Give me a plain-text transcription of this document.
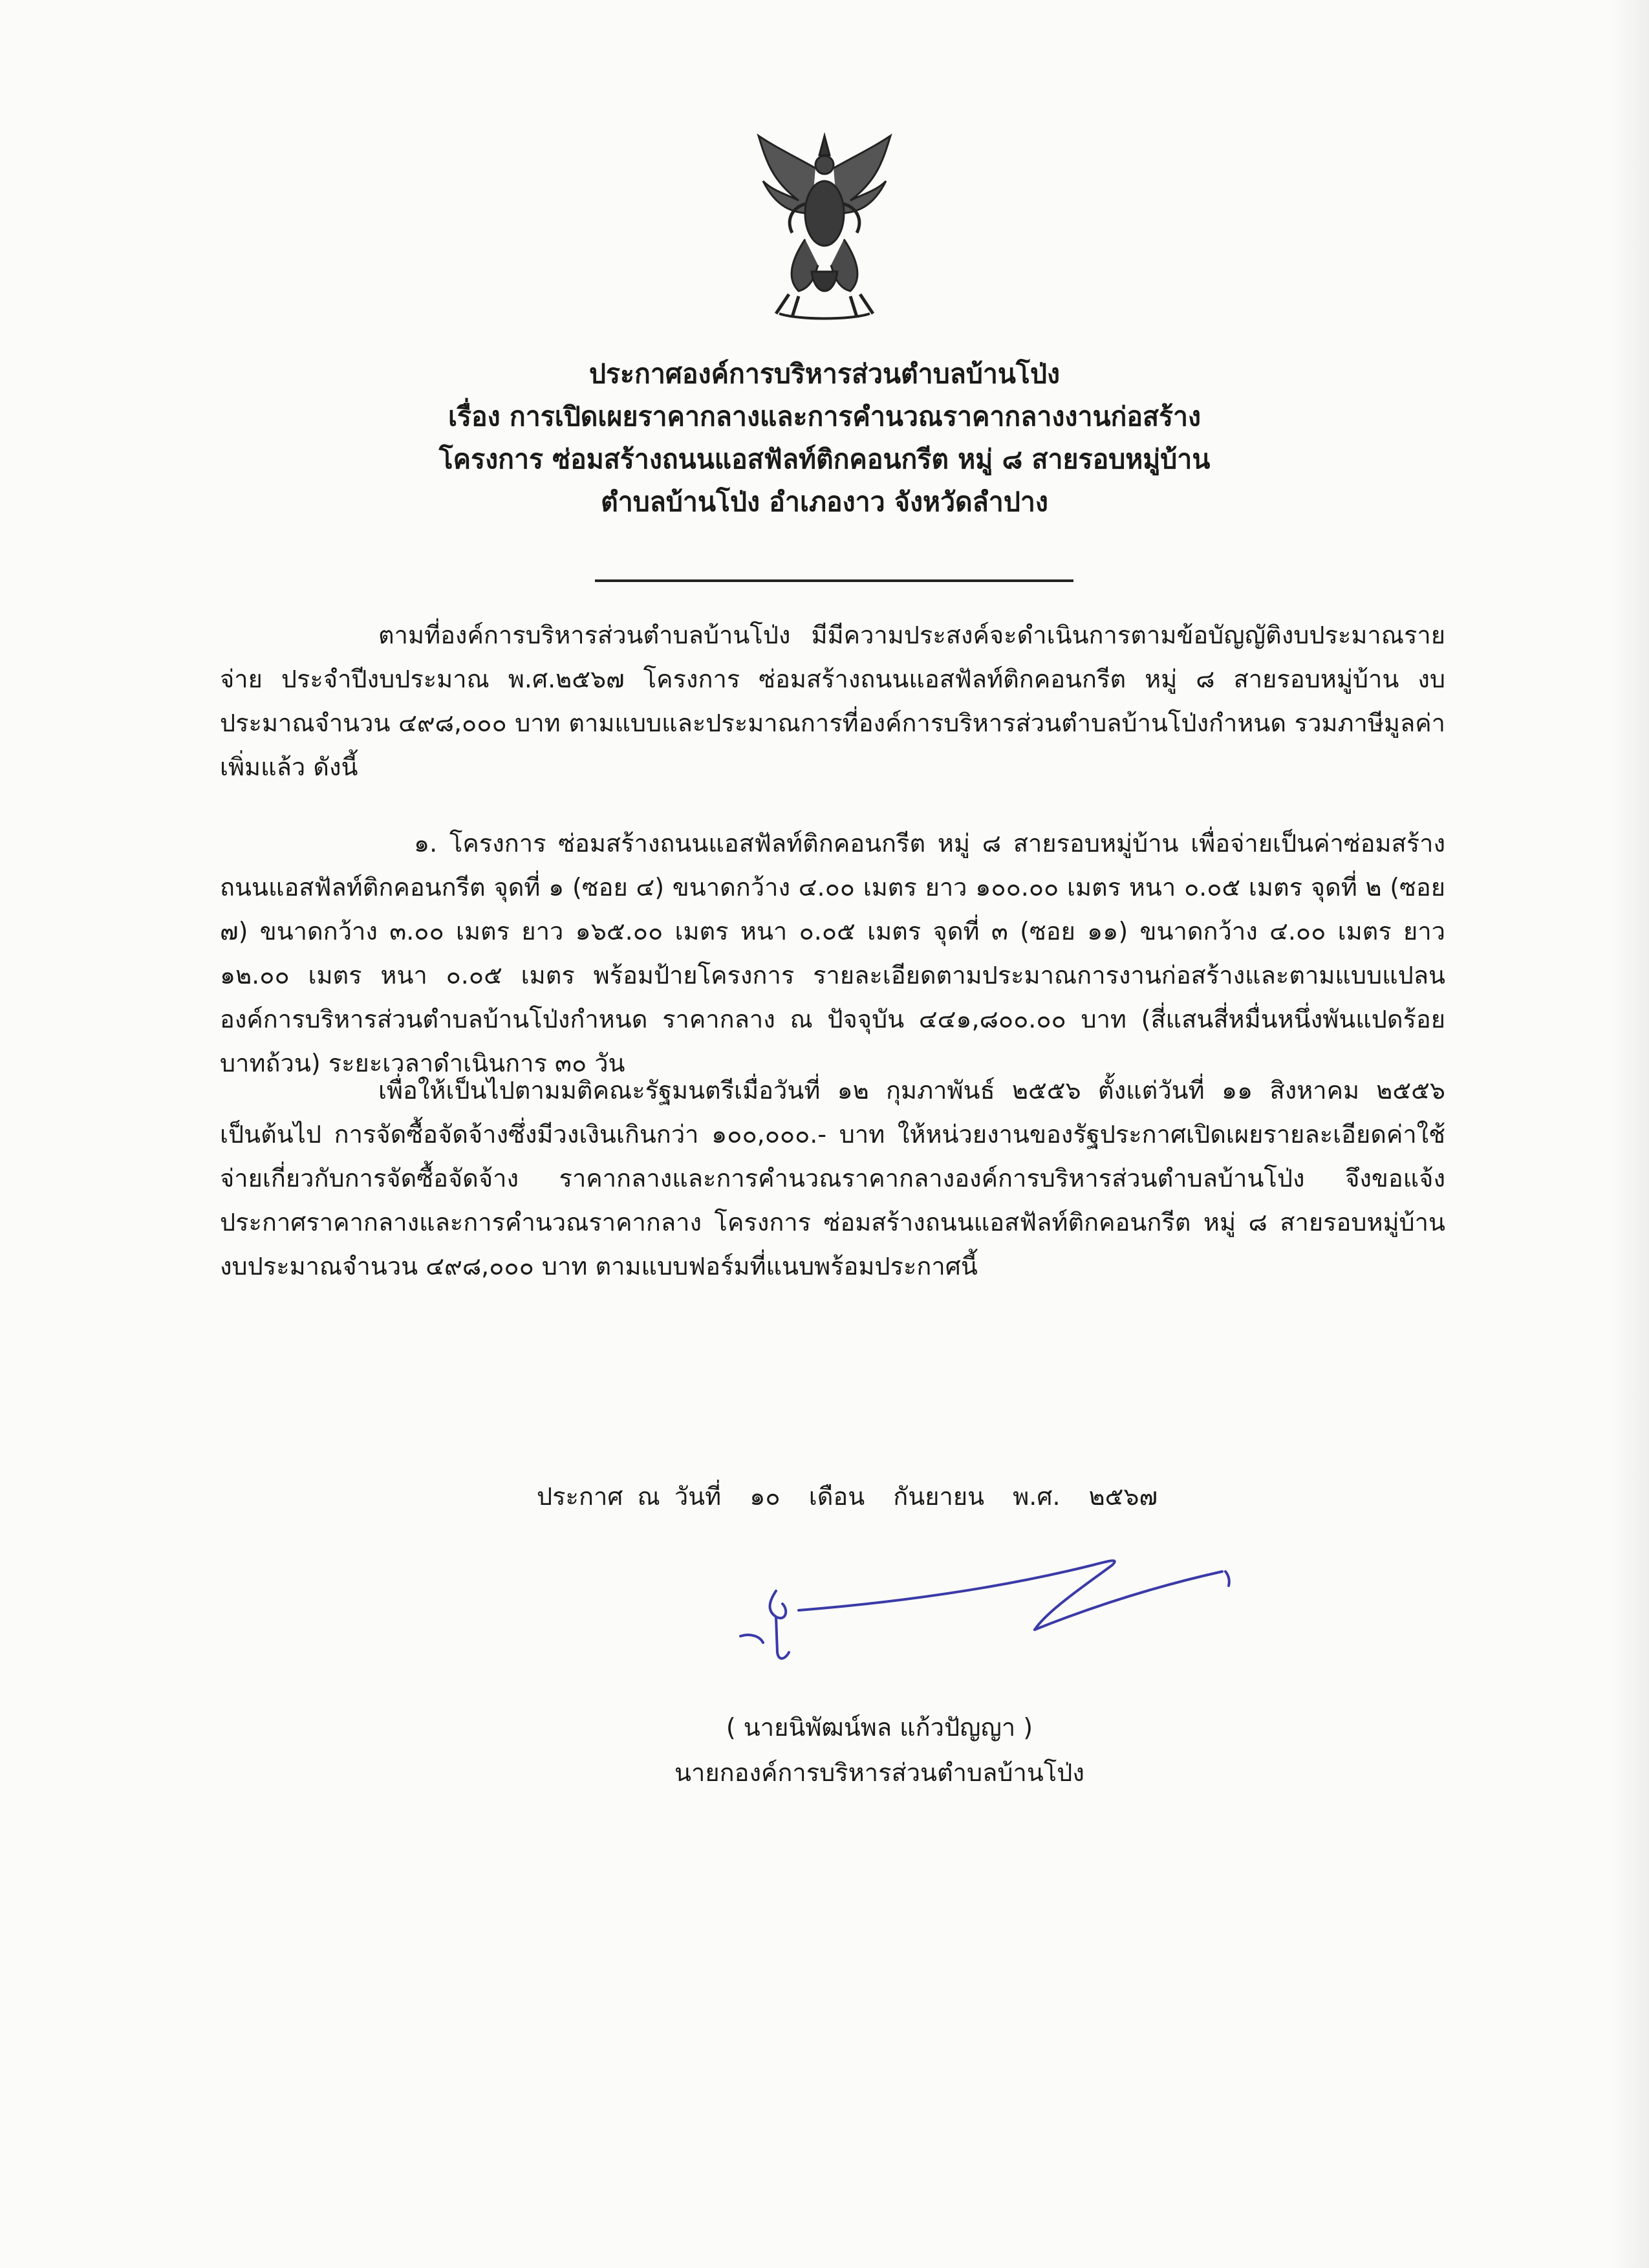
ประกาศองค์การบริหารส่วนตำบลบ้านโป่ง
เรื่อง การเปิดเผยราคากลางและการคำนวณราคากลางงานก่อสร้าง
โครงการ ซ่อมสร้างถนนแอสฟัลท์ติกคอนกรีต หมู่ ๘ สายรอบหมู่บ้าน
ตำบลบ้านโป่ง อำเภองาว จังหวัดลำปาง
ตามที่องค์การบริหารส่วนตำบลบ้านโป่ง มีมีความประสงค์จะดำเนินการตามข้อบัญญัติงบประมาณรายจ่าย ประจำปีงบประมาณ พ.ศ.๒๕๖๗ โครงการ ซ่อมสร้างถนนแอสฟัลท์ติกคอนกรีต หมู่ ๘ สายรอบหมู่บ้าน งบประมาณจำนวน ๔๙๘,๐๐๐ บาท ตามแบบและประมาณการที่องค์การบริหารส่วนตำบลบ้านโป่งกำหนด รวมภาษีมูลค่าเพิ่มแล้ว ดังนี้
๑. โครงการ ซ่อมสร้างถนนแอสฟัลท์ติกคอนกรีต หมู่ ๘ สายรอบหมู่บ้าน เพื่อจ่ายเป็นค่าซ่อมสร้างถนนแอสฟัลท์ติกคอนกรีต จุดที่ ๑ (ซอย ๔) ขนาดกว้าง ๔.๐๐ เมตร ยาว ๑๐๐.๐๐ เมตร หนา ๐.๐๕ เมตร จุดที่ ๒ (ซอย ๗) ขนาดกว้าง ๓.๐๐ เมตร ยาว ๑๖๕.๐๐ เมตร หนา ๐.๐๕ เมตร จุดที่ ๓ (ซอย ๑๑) ขนาดกว้าง ๔.๐๐ เมตร ยาว ๑๒.๐๐ เมตร หนา ๐.๐๕ เมตร พร้อมป้ายโครงการ รายละเอียดตามประมาณการงานก่อสร้างและตามแบบแปลนองค์การบริหารส่วนตำบลบ้านโป่งกำหนด ราคากลาง ณ ปัจจุบัน ๔๔๑,๘๐๐.๐๐ บาท (สี่แสนสี่หมื่นหนึ่งพันแปดร้อยบาทถ้วน) ระยะเวลาดำเนินการ ๓๐ วัน
เพื่อให้เป็นไปตามมติคณะรัฐมนตรีเมื่อวันที่ ๑๒ กุมภาพันธ์ ๒๕๕๖ ตั้งแต่วันที่ ๑๑ สิงหาคม ๒๕๕๖ เป็นต้นไป การจัดซื้อจัดจ้างซึ่งมีวงเงินเกินกว่า ๑๐๐,๐๐๐.- บาท ให้หน่วยงานของรัฐประกาศเปิดเผยรายละเอียดค่าใช้จ่ายเกี่ยวกับการจัดซื้อจัดจ้าง ราคากลางและการคำนวณราคากลางองค์การบริหารส่วนตำบลบ้านโป่ง จึงขอแจ้งประกาศราคากลางและการคำนวณราคากลาง โครงการ ซ่อมสร้างถนนแอสฟัลท์ติกคอนกรีต หมู่ ๘ สายรอบหมู่บ้าน งบประมาณจำนวน ๔๙๘,๐๐๐ บาท ตามแบบฟอร์มที่แนบพร้อมประกาศนี้
ประกาศ ณ วันที่ ๑๐ เดือน กันยายน พ.ศ. ๒๕๖๗
( นายนิพัฒน์พล แก้วปัญญา )
นายกองค์การบริหารส่วนตำบลบ้านโป่ง
